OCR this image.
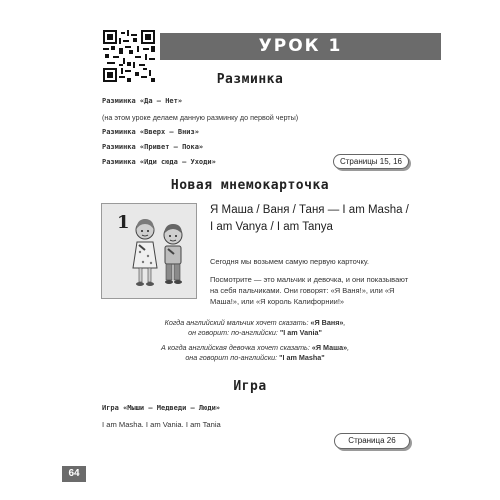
УРОК 1
Разминка
Разминка «Да — Нет»
(на этом уроке делаем данную разминку до первой черты)
Разминка «Вверх — Вниз»
Разминка «Привет — Пока»
Разминка «Иди сюда — Уходи»	Страницы 15, 16
Новая мнемокарточка
1
Я Маша / Ваня / Таня — I am Masha / I am Vanya / I am Tanya
Сегодня мы возьмем самую первую карточку.
Посмотрите — это мальчик и девочка, и они показывают на себя пальчиками. Они говорят: «Я Ваня!», или «Я Маша!», или «Я король Калифорнии!»
Когда английский мальчик хочет сказать: «Я Ваня»,
он говорит: по-английски: "I am Vania"
А когда английская девочка хочет сказать: «Я Маша»,
она говорит по-английски: "I am Masha"
Игра
Игра «Мыши — Медведи — Люди»
I am Masha. I am Vania. I am Tania
Страница 26
64
